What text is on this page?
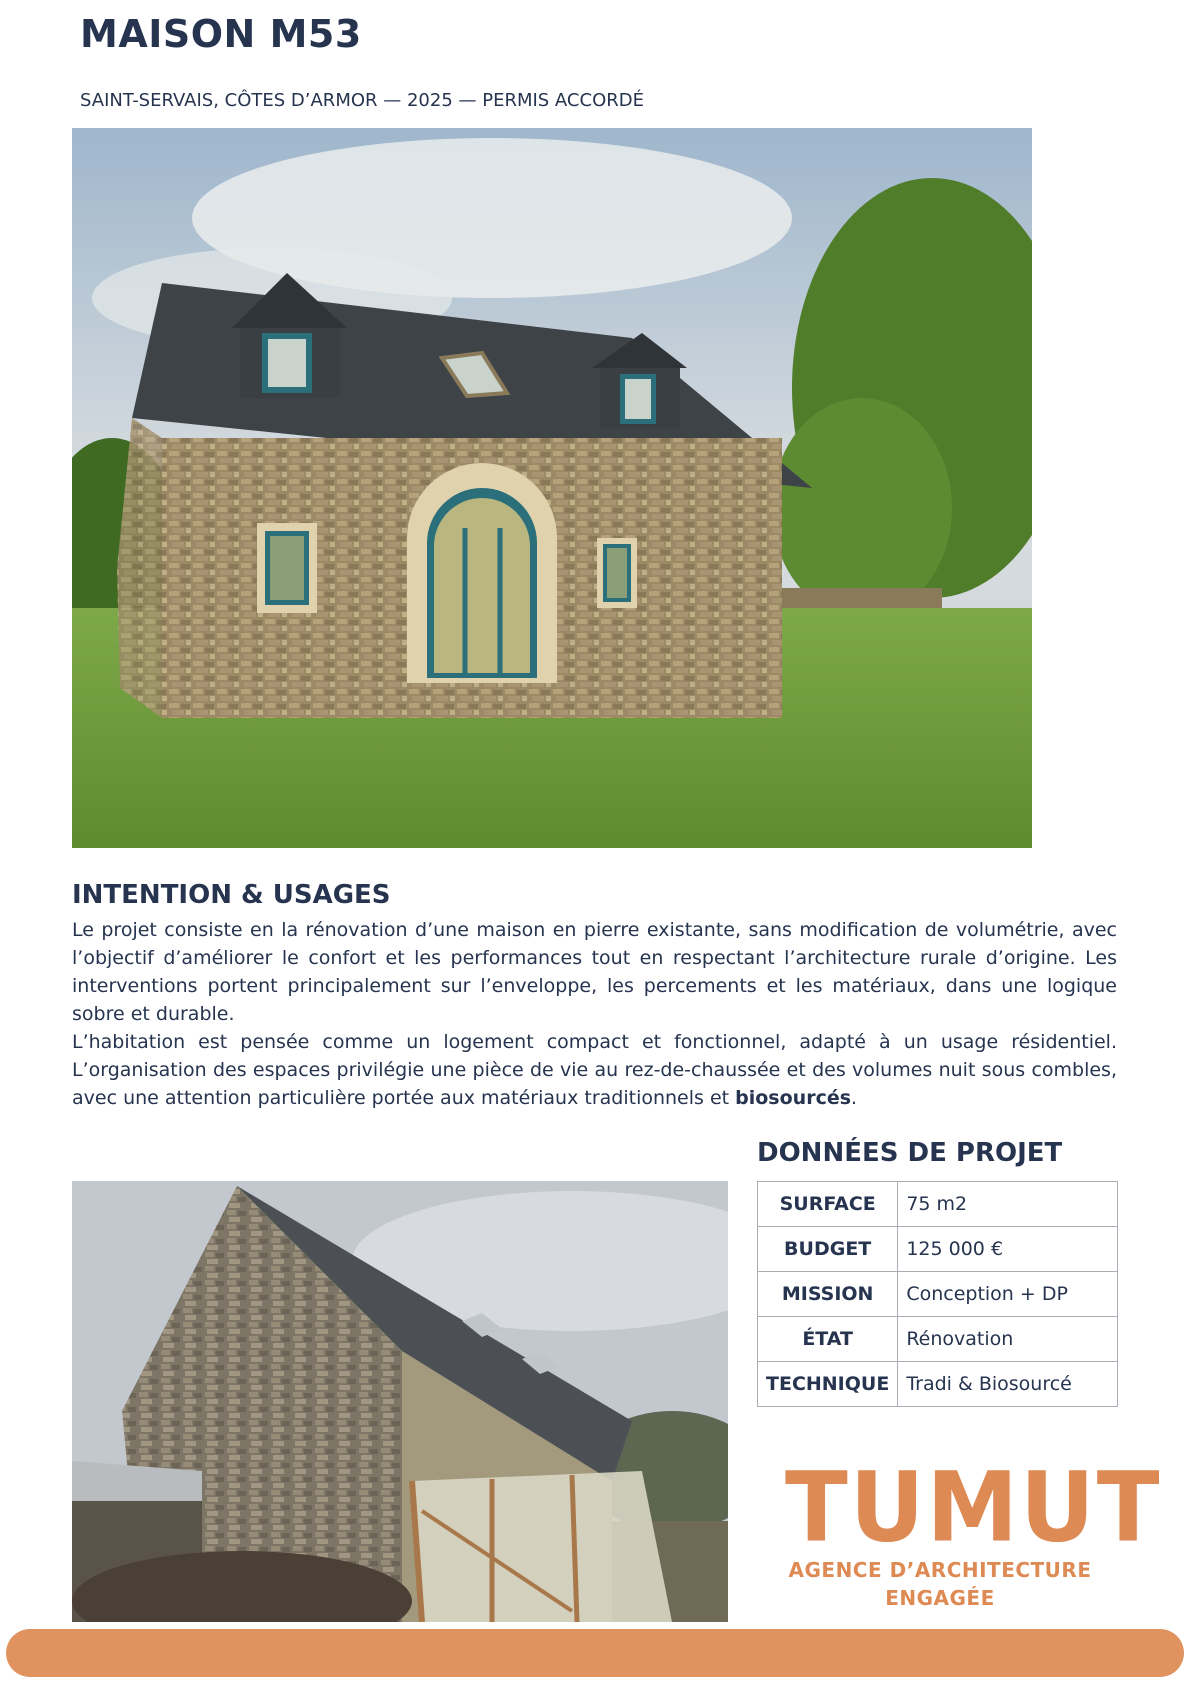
MAISON M53

SAINT-SERVAIS, CÔTES D’ARMOR — 2025 — PERMIS ACCORDÉ

INTENTION & USAGES

Le projet consiste en la rénovation d’une maison en pierre existante, sans modification de volumétrie, avec l’objectif d’améliorer le confort et les performances tout en respectant l’architecture rurale d’origine. Les interventions portent principalement sur l’enveloppe, les percements et les matériaux, dans une logique sobre et durable.

L’habitation est pensée comme un logement compact et fonctionnel, adapté à un usage résidentiel. L’organisation des espaces privilégie une pièce de vie au rez-de-chaussée et des volumes nuit sous combles, avec une attention particulière portée aux matériaux traditionnels et biosourcés.

DONNÉES DE PROJET
SURFACE	75 m2
BUDGET	125 000 €
MISSION	Conception + DP
ÉTAT	Rénovation
TECHNIQUE	Tradi & Biosourcé
TUMUT
AGENCE D’ARCHITECTURE
ENGAGÉE
